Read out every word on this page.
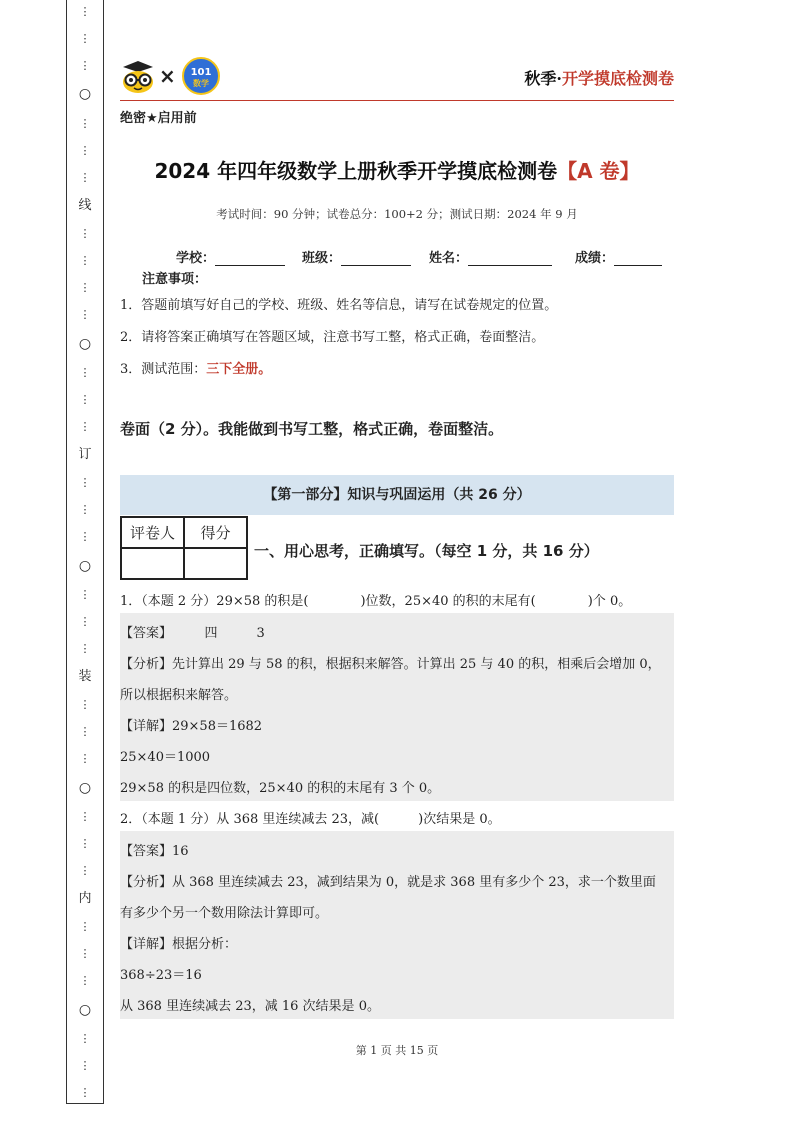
⋮
⋮
⋮
○
⋮
⋮
⋮
线
⋮
⋮
⋮
⋮
○
⋮
⋮
⋮
订
⋮
⋮
⋮
○
⋮
⋮
⋮
装
⋮
⋮
⋮
○
⋮
⋮
⋮
内
⋮
⋮
⋮
○
⋮
⋮
⋮
× 101
数学	秋季·开学摸底检测卷
绝密★启用前
2024 年四年级数学上册秋季开学摸底检测卷【A 卷】
考试时间：90 分钟；试卷总分：100+2 分；测试日期：2024 年 9 月
学校：	班级：	姓名：	成绩：
注意事项：
1．答题前填写好自己的学校、班级、姓名等信息，请写在试卷规定的位置。
2．请将答案正确填写在答题区域，注意书写工整，格式正确，卷面整洁。
3．测试范围：三下全册。
卷面（2 分）。我能做到书写工整，格式正确，卷面整洁。
【第一部分】知识与巩固运用（共 26 分）
评卷人	得分

一、用心思考，正确填写。（每空 1 分，共 16 分）
1．（本题 2 分）29×58 的积是(　　　　)位数，25×40 的积的末尾有(　　　　)个 0。
【答案】　　　四　　　3
【分析】先计算出 29 与 58 的积，根据积来解答。计算出 25 与 40 的积，相乘后会增加 0，
所以根据积来解答。
【详解】29×58＝1682
25×40＝1000
29×58 的积是四位数，25×40 的积的末尾有 3 个 0。
2．（本题 1 分）从 368 里连续减去 23，减(　　　)次结果是 0。
【答案】16
【分析】从 368 里连续减去 23，减到结果为 0，就是求 368 里有多少个 23，求一个数里面
有多少个另一个数用除法计算即可。
【详解】根据分析：
368÷23＝16
从 368 里连续减去 23，减 16 次结果是 0。
第 1 页 共 15 页
